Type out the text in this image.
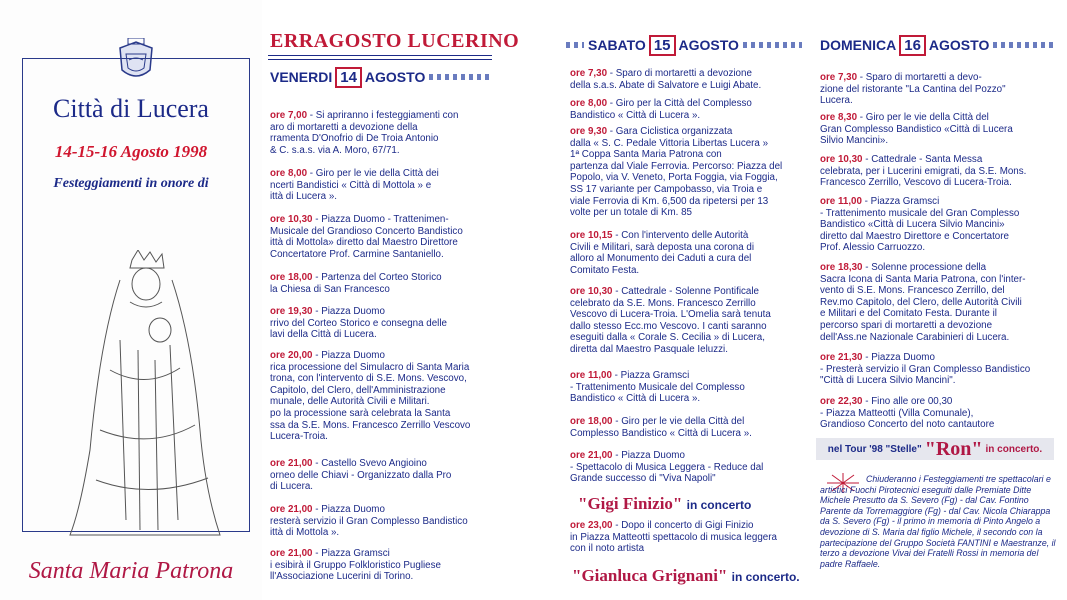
Città di Lucera
14-15-16 Agosto 1998
Festeggiamenti in onore di
Santa Maria Patrona
ERRAGOSTO LUCERINO
VENERDI 14 AGOSTO
SABATO 15 AGOSTO	DOMENICA 16 AGOSTO
ore 7,00 - Si apriranno i festeggiamenti con
aro di mortaretti a devozione della
rramenta D'Onofrio di De Troia Antonio
& C. s.a.s. via A. Moro, 67/71.
ore 8,00 - Giro per le vie della Città dei
ncerti Bandistici « Città di Mottola » e
ittà di Lucera ».
ore 10,30 - Piazza Duomo - Trattenimen-
Musicale del Grandioso Concerto Bandistico
ittà di Mottola» diretto dal Maestro Direttore
Concertatore Prof. Carmine Santaniello.
ore 18,00 - Partenza del Corteo Storico
la Chiesa di San Francesco
ore 19,30 - Piazza Duomo
rrivo del Corteo Storico e consegna delle
lavi della Città di Lucera.
ore 20,00 - Piazza Duomo
rica processione del Simulacro di Santa Maria
trona, con l'intervento di S.E. Mons. Vescovo,
Capitolo, del Clero, dell'Amministrazione
munale, delle Autorità Civili e Militari.
po la processione sarà celebrata la Santa
ssa da S.E. Mons. Francesco Zerrillo Vescovo
Lucera-Troia.
ore 21,00 - Castello Svevo Angioino
orneo delle Chiavi - Organizzato dalla Pro
di Lucera.
ore 21,00 - Piazza Duomo
resterà servizio il Gran Complesso Bandistico
ittà di Mottola ».
ore 21,00 - Piazza Gramsci
i esibirà il Gruppo Folkloristico Pugliese
ll'Associazione Lucerini di Torino.
ore 7,30 - Sparo di mortaretti a devozione
della s.a.s. Abate di Salvatore e Luigi Abate.
ore 8,00 - Giro per la Città del Complesso
Bandistico « Città di Lucera ».
ore 9,30 - Gara Ciclistica organizzata
dalla « S. C. Pedale Vittoria Libertas Lucera »
1ª Coppa Santa Maria Patrona con
partenza dal Viale Ferrovia. Percorso: Piazza del
Popolo, via V. Veneto, Porta Foggia, via Foggia,
SS 17 variante per Campobasso, via Troia e
viale Ferrovia di Km. 6,500 da ripetersi per 13
volte per un totale di Km. 85
ore 10,15 - Con l'intervento delle Autorità
Civili e Militari, sarà deposta una corona di
alloro al Monumento dei Caduti a cura del
Comitato Festa.
ore 10,30 - Cattedrale - Solenne Pontificale
celebrato da S.E. Mons. Francesco Zerrillo
Vescovo di Lucera-Troia. L'Omelia sarà tenuta
dallo stesso Ecc.mo Vescovo. I canti saranno
eseguiti dalla « Corale S. Cecilia » di Lucera,
diretta dal Maestro Pasquale Ieluzzi.
ore 11,00 - Piazza Gramsci
- Trattenimento Musicale del Complesso
Bandistico « Città di Lucera ».
ore 18,00 - Giro per le vie della Città del
Complesso Bandistico « Città di Lucera ».
ore 21,00 - Piazza Duomo
- Spettacolo di Musica Leggera - Reduce dal
Grande successo di "Viva Napoli"
"Gigi Finizio" in concerto
ore 23,00 - Dopo il concerto di Gigi Finizio
in Piazza Matteotti spettacolo di musica leggera
con il noto artista
"Gianluca Grignani" in concerto.
ore 7,30 - Sparo di mortaretti a devo-
zione del ristorante "La Cantina del Pozzo"
Lucera.
ore 8,30 - Giro per le vie della Città del
Gran Complesso Bandistico «Città di Lucera
Silvio Mancini».
ore 10,30 - Cattedrale - Santa Messa
celebrata, per i Lucerini emigrati, da S.E. Mons.
Francesco Zerrillo, Vescovo di Lucera-Troia.
ore 11,00 - Piazza Gramsci
- Trattenimento musicale del Gran Complesso
Bandistico «Città di Lucera Silvio Mancini»
diretto dal Maestro Direttore e Concertatore
Prof. Alessio Carruozzo.
ore 18,30 - Solenne processione della
Sacra Icona di Santa Maria Patrona, con l'inter-
vento di S.E. Mons. Francesco Zerrillo, del
Rev.mo Capitolo, del Clero, delle Autorità Civili
e Militari e del Comitato Festa. Durante il
percorso spari di mortaretti a devozione
dell'Ass.ne Nazionale Carabinieri di Lucera.
ore 21,30 - Piazza Duomo
- Presterà servizio il Gran Complesso Bandistico
"Città di Lucera Silvio Mancini".
ore 22,30 - Fino alle ore 00,30
- Piazza Matteotti (Villa Comunale),
Grandioso Concerto del noto cantautore
nel Tour '98 "Stelle" "Ron" in concerto.
Chiuderanno i Festeggiamenti tre spettacolari e artistici Fuochi Pirotecnici eseguiti dalle Premiate Ditte Michele Presutto da S. Severo (Fg) - dal Cav. Fontino Parente da Torremaggiore (Fg) - dal Cav. Nicola Chiarappa da S. Severo (Fg) - il primo in memoria di Pinto Angelo a devozione di S. Maria dal figlio Michele, il secondo con la partecipazione del Gruppo Società FANTINI e Maestranze, il terzo a devozione Vivai dei Fratelli Rossi in memoria del padre Raffaele.
